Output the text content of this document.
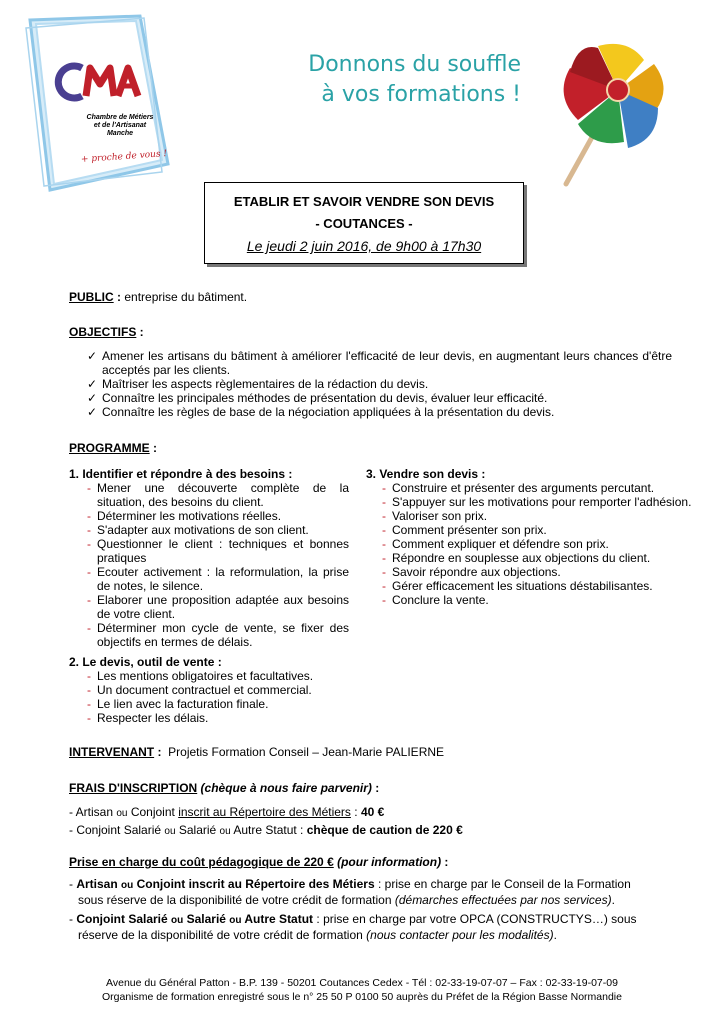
Chambre de Métiers
et de l'Artisanat
Manche
+ proche de vous !
Donnons du souffle
à vos formations !
ETABLIR ET SAVOIR VENDRE SON DEVIS
- COUTANCES -
Le jeudi 2 juin 2016, de 9h00 à 17h30
PUBLIC : entreprise du bâtiment.
OBJECTIFS :
✓ Amener les artisans du bâtiment à améliorer l'efficacité de leur devis, en augmentant leurs chances d'être acceptés par les clients.
✓ Maîtriser les aspects règlementaires de la rédaction du devis.
✓ Connaître les principales méthodes de présentation du devis, évaluer leur efficacité.
✓ Connaître les règles de base de la négociation appliquées à la présentation du devis.
PROGRAMME :
1. Identifier et répondre à des besoins :
- Mener une découverte complète de la situation, des besoins du client.
- Déterminer les motivations réelles.
- S'adapter aux motivations de son client.
- Questionner le client : techniques et bonnes pratiques
- Ecouter activement : la reformulation, la prise de notes, le silence.
- Elaborer une proposition adaptée aux besoins de votre client.
- Déterminer mon cycle de vente, se fixer des objectifs en termes de délais.
2. Le devis, outil de vente :
- Les mentions obligatoires et facultatives.
- Un document contractuel et commercial.
- Le lien avec la facturation finale.
- Respecter les délais.
3. Vendre son devis :
- Construire et présenter des arguments percutant.
- S'appuyer sur les motivations pour remporter l'adhésion.
- Valoriser son prix.
- Comment présenter son prix.
- Comment expliquer et défendre son prix.
- Répondre en souplesse aux objections du client.
- Savoir répondre aux objections.
- Gérer efficacement les situations déstabilisantes.
- Conclure la vente.
INTERVENANT : Projetis Formation Conseil – Jean-Marie PALIERNE
FRAIS D'INSCRIPTION (chèque à nous faire parvenir) :
- Artisan ou Conjoint inscrit au Répertoire des Métiers : 40 €
- Conjoint Salarié ou Salarié ou Autre Statut : chèque de caution de 220 €
Prise en charge du coût pédagogique de 220 € (pour information) :
- Artisan ou Conjoint inscrit au Répertoire des Métiers : prise en charge par le Conseil de la Formation
sous réserve de la disponibilité de votre crédit de formation (démarches effectuées par nos services).
- Conjoint Salarié ou Salarié ou Autre Statut : prise en charge par votre OPCA (CONSTRUCTYS…) sous
réserve de la disponibilité de votre crédit de formation (nous contacter pour les modalités).
Avenue du Général Patton - B.P. 139 - 50201 Coutances Cedex - Tél : 02-33-19-07-07 – Fax : 02-33-19-07-09
Organisme de formation enregistré sous le n° 25 50 P 0100 50 auprès du Préfet de la Région Basse Normandie
